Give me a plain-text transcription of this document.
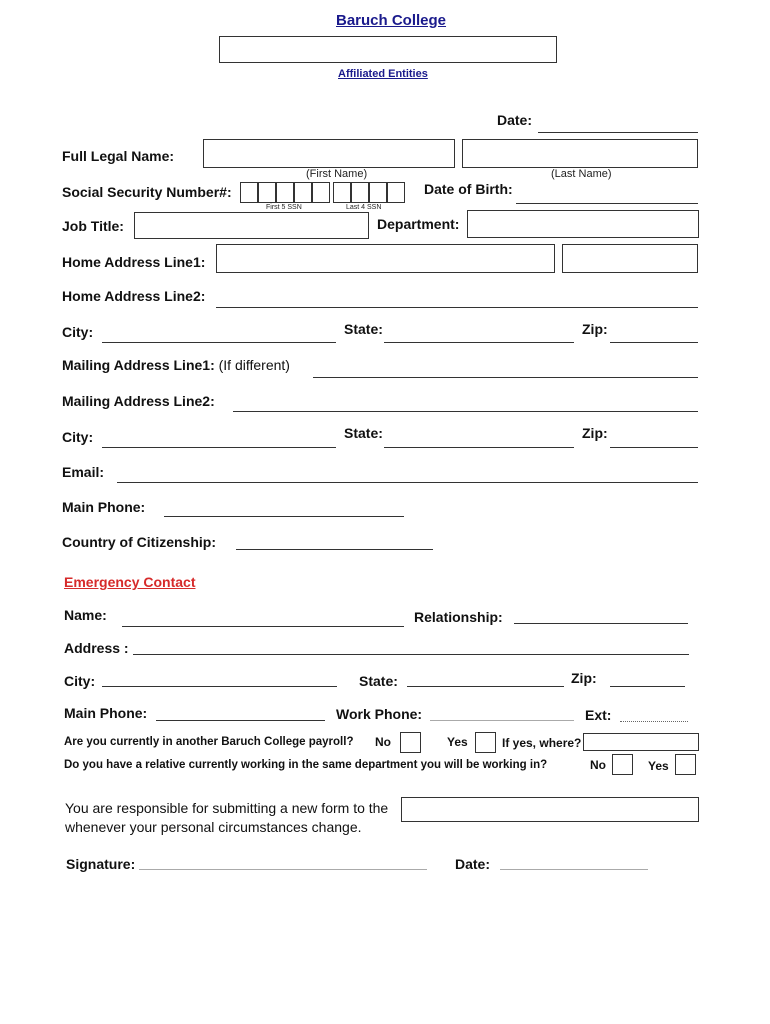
Baruch College
Affiliated Entities
Date:
Full Legal Name:
(First Name)	(Last Name)
Social Security Number#:
First 5 SSN	Last 4 SSN
Date of Birth:
Job Title:	Department:
Home Address Line1:
Home Address Line2:
City:	State:	Zip:
Mailing Address Line1: (If different)
Mailing Address Line2:
City:	State:	Zip:
Email:
Main Phone:
Country of Citizenship:
Emergency Contact
Name:	Relationship:
Address :
City:	State:	Zip:
Main Phone:	Work Phone:	Ext:
Are you currently in another Baruch College payroll? No	Yes	If yes, where?
Do you have a relative currently working in the same department you will be working in?	No	Yes
You are responsible for submitting a new form to the
whenever your personal circumstances change.
Signature:	Date:
